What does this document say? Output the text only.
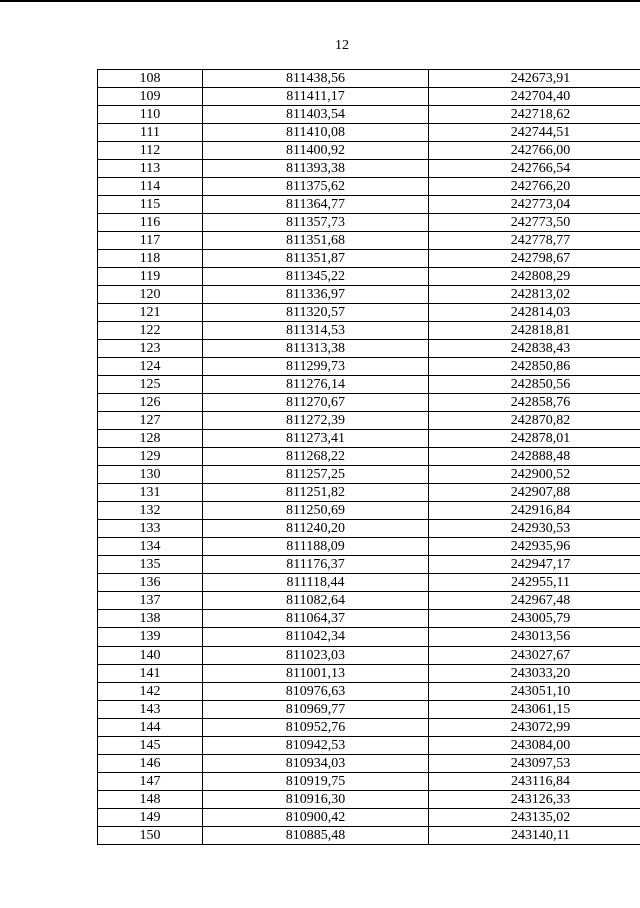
12
108	811438,56	242673,91
109	811411,17	242704,40
110	811403,54	242718,62
111	811410,08	242744,51
112	811400,92	242766,00
113	811393,38	242766,54
114	811375,62	242766,20
115	811364,77	242773,04
116	811357,73	242773,50
117	811351,68	242778,77
118	811351,87	242798,67
119	811345,22	242808,29
120	811336,97	242813,02
121	811320,57	242814,03
122	811314,53	242818,81
123	811313,38	242838,43
124	811299,73	242850,86
125	811276,14	242850,56
126	811270,67	242858,76
127	811272,39	242870,82
128	811273,41	242878,01
129	811268,22	242888,48
130	811257,25	242900,52
131	811251,82	242907,88
132	811250,69	242916,84
133	811240,20	242930,53
134	811188,09	242935,96
135	811176,37	242947,17
136	811118,44	242955,11
137	811082,64	242967,48
138	811064,37	243005,79
139	811042,34	243013,56
140	811023,03	243027,67
141	811001,13	243033,20
142	810976,63	243051,10
143	810969,77	243061,15
144	810952,76	243072,99
145	810942,53	243084,00
146	810934,03	243097,53
147	810919,75	243116,84
148	810916,30	243126,33
149	810900,42	243135,02
150	810885,48	243140,11
